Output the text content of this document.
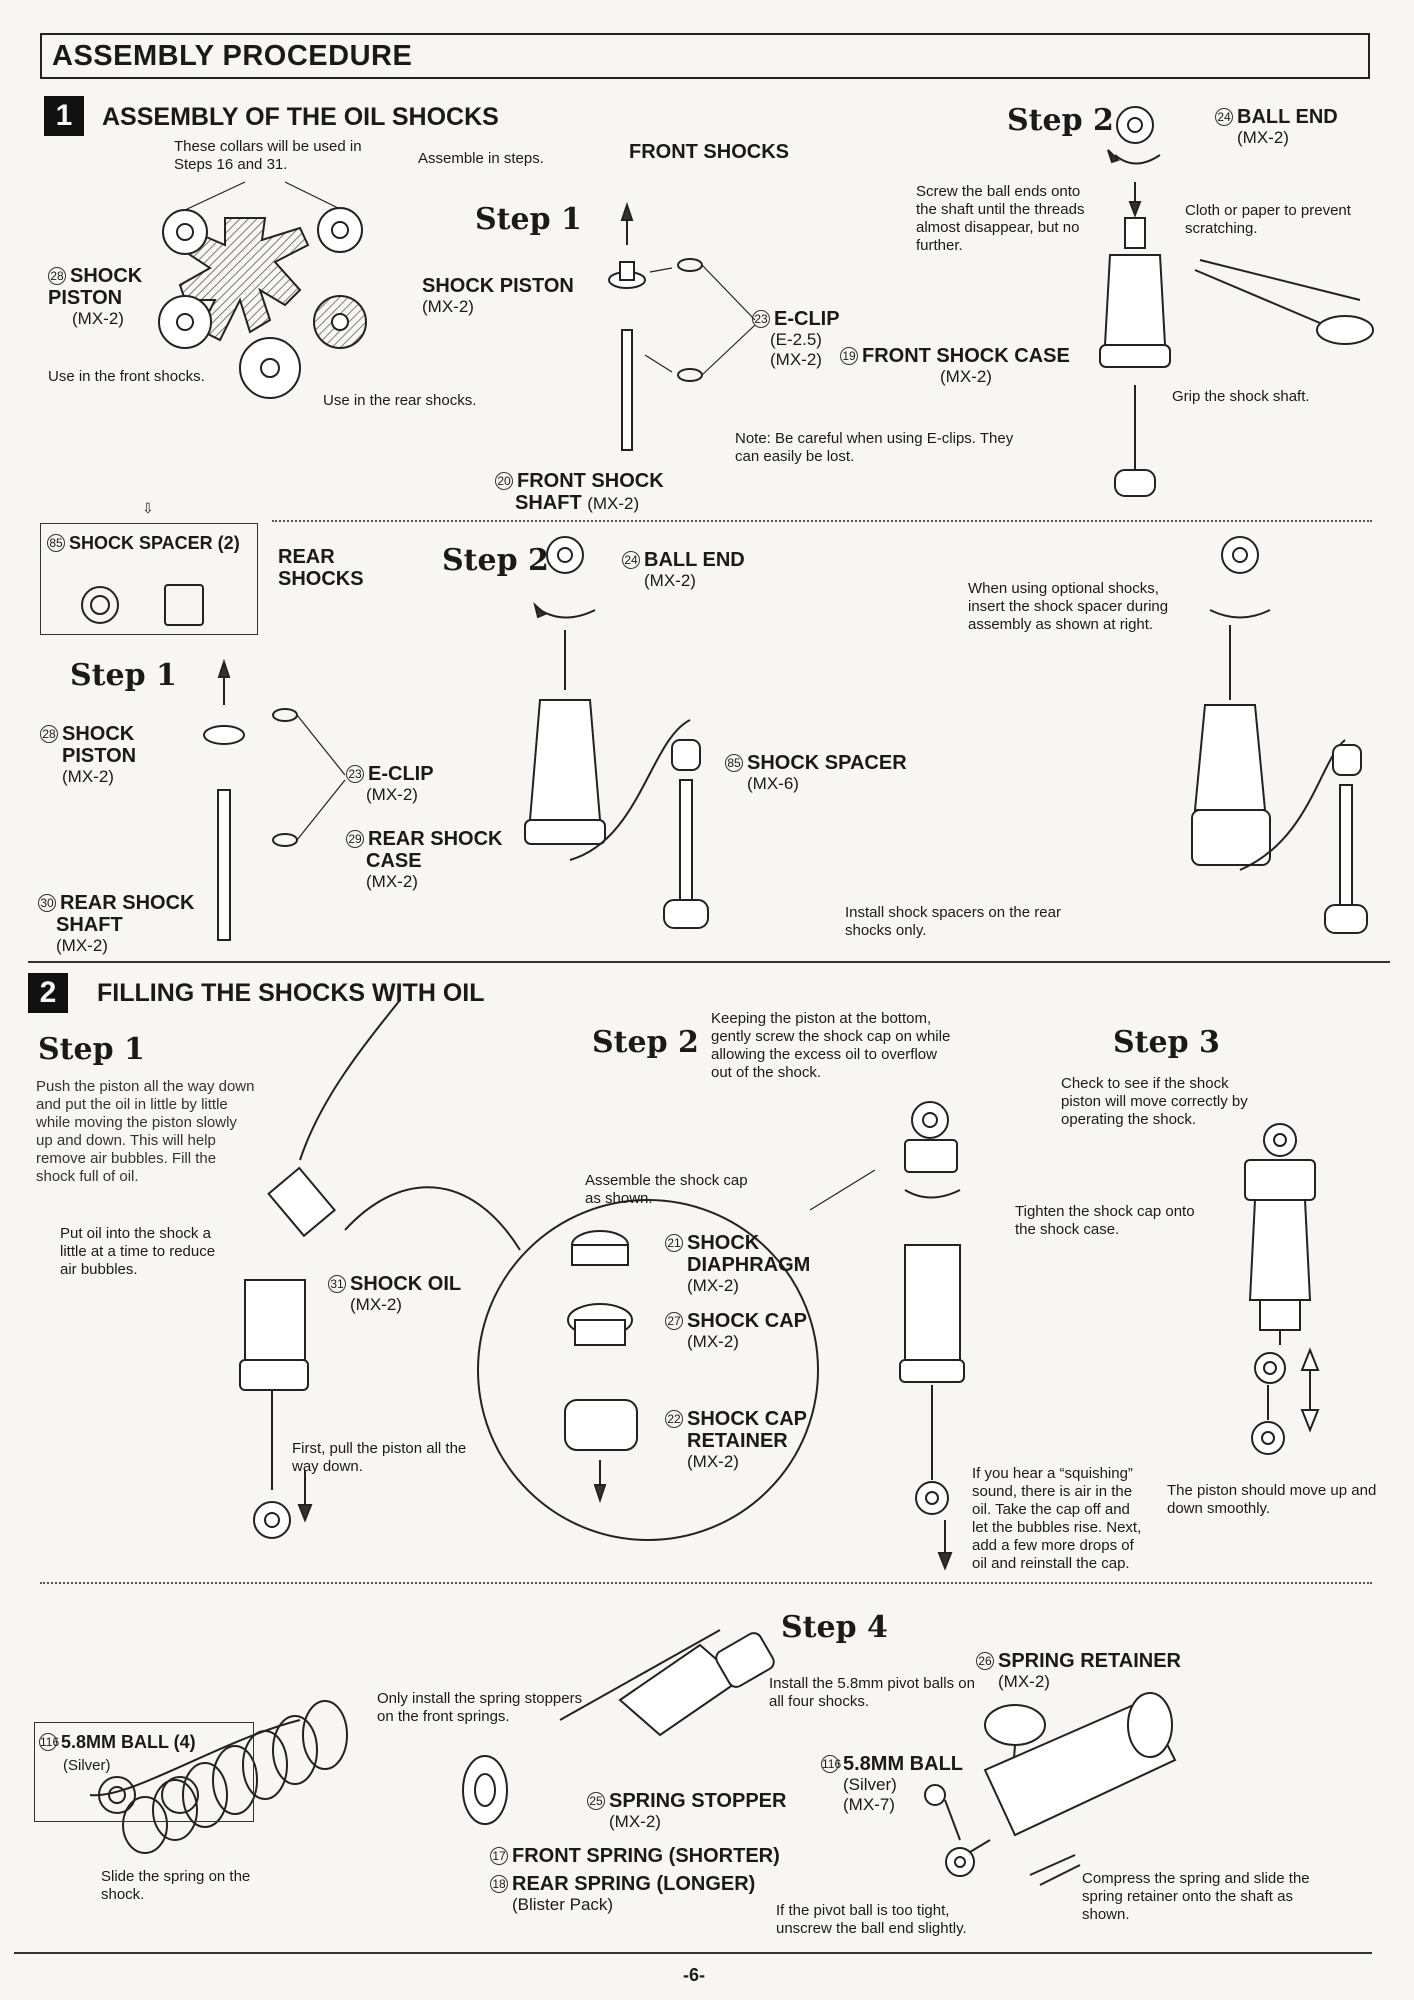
ASSEMBLY PROCEDURE
1	ASSEMBLY OF THE OIL SHOCKS
These collars will be used in Steps 16 and 31.	Assemble in steps.	FRONT SHOCKS
28 SHOCK PISTON
(MX-2)
Use in the front shocks.
Use in the rear shocks.
Step 1
SHOCK PISTON
(MX-2)
23 E-CLIP
(E-2.5)
(MX-2)
20 FRONT SHOCK
SHAFT (MX-2)
19 FRONT SHOCK CASE
(MX-2)
Note: Be careful when using E-clips. They can easily be lost.
Step 2	24 BALL END
(MX-2)
Screw the ball ends onto the shaft until the threads almost disappear, but no further.
Cloth or paper to prevent scratching.
Grip the shock shaft.
⇩
85 SHOCK SPACER (2)
REAR
SHOCKS
Step 1
28 SHOCK
PISTON
(MX-2)	23 E-CLIP
(MX-2)
29 REAR SHOCK
CASE
(MX-2)
30 REAR SHOCK
SHAFT
(MX-2)
Step 2	24 BALL END
(MX-2)
85 SHOCK SPACER
(MX-6)
Install shock spacers on the rear shocks only.
When using optional shocks, insert the shock spacer during assembly as shown at right.
2	FILLING THE SHOCKS WITH OIL
Step 1
Push the piston all the way down and put the oil in little by little while moving the piston slowly up and down. This will help remove air bubbles. Fill the shock full of oil.
Put oil into the shock a little at a time to reduce air bubbles.
31 SHOCK OIL
(MX-2)
First, pull the piston all the way down.
Step 2
Keeping the piston at the bottom, gently screw the shock cap on while allowing the excess oil to overflow out of the shock.
Assemble the shock cap as shown.
21 SHOCK
DIAPHRAGM
(MX-2)
27 SHOCK CAP
(MX-2)
22 SHOCK CAP
RETAINER
(MX-2)
Tighten the shock cap onto the shock case.
If you hear a “squishing” sound, there is air in the oil. Take the cap off and let the bubbles rise. Next, add a few more drops of oil and reinstall the cap.
Step 3
Check to see if the shock piston will move correctly by operating the shock.
The piston should move up and down smoothly.
Step 4
116 5.8MM BALL (4)
(Silver)
Slide the spring on the shock.
Only install the spring stoppers on the front springs.
25 SPRING STOPPER
(MX-2)
17 FRONT SPRING (SHORTER)
18 REAR SPRING (LONGER)
(Blister Pack)
Install the 5.8mm pivot balls on all four shocks.
26 SPRING RETAINER
(MX-2)
1165.8MM BALL
(Silver)
(MX-7)
If the pivot ball is too tight, unscrew the ball end slightly.
Compress the spring and slide the spring retainer onto the shaft as shown.
-6-
